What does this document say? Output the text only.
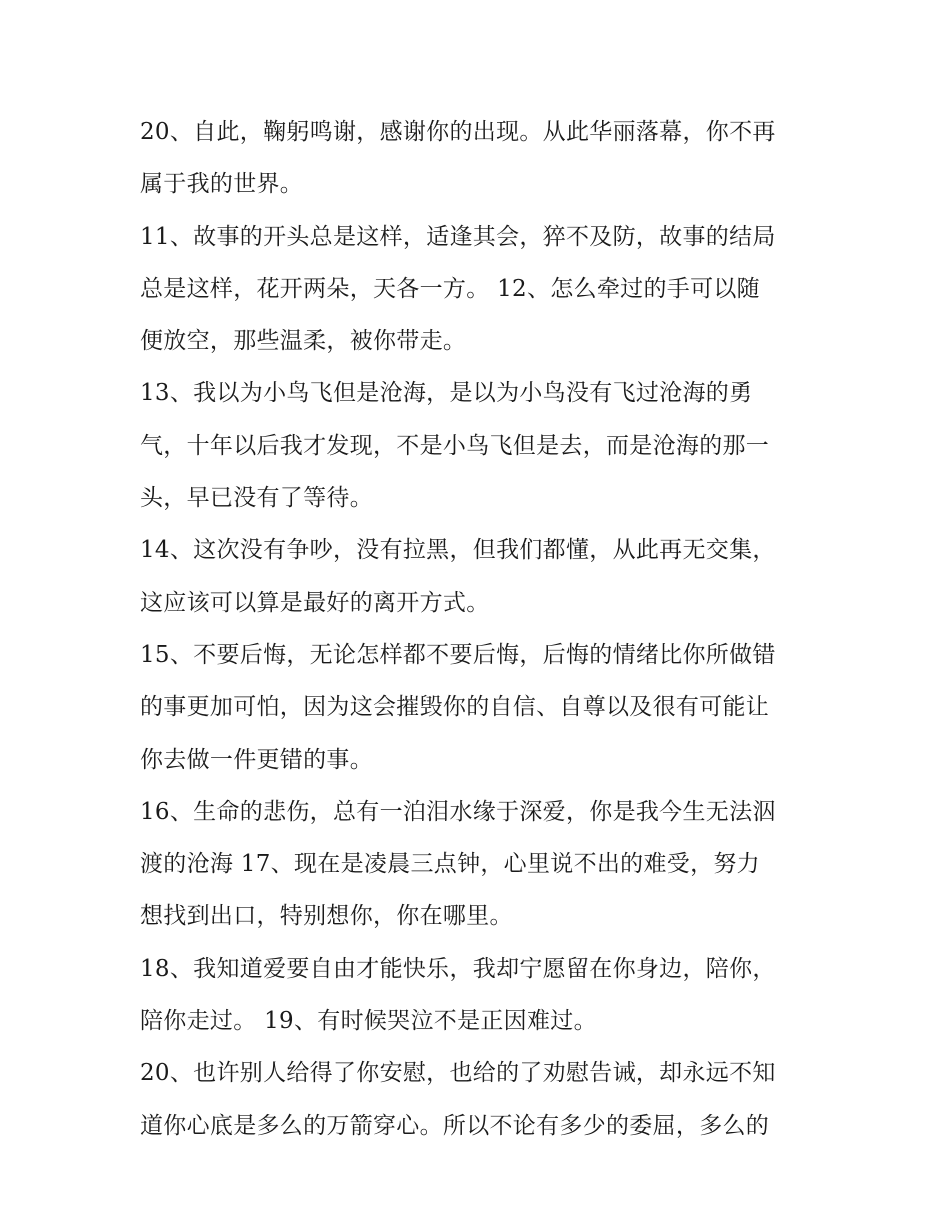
20、自此，鞠躬鸣谢，感谢你的出现。从此华丽落幕，你不再
属于我的世界。
11、故事的开头总是这样，适逢其会，猝不及防，故事的结局
总是这样，花开两朵，天各一方。 12、怎么牵过的手可以随
便放空，那些温柔，被你带走。
13、我以为小鸟飞但是沧海，是以为小鸟没有飞过沧海的勇
气，十年以后我才发现，不是小鸟飞但是去，而是沧海的那一
头，早已没有了等待。
14、这次没有争吵，没有拉黑，但我们都懂，从此再无交集，
这应该可以算是最好的离开方式。
15、不要后悔，无论怎样都不要后悔，后悔的情绪比你所做错
的事更加可怕，因为这会摧毁你的自信、自尊以及很有可能让
你去做一件更错的事。
16、生命的悲伤，总有一泊泪水缘于深爱，你是我今生无法泅
渡的沧海 17、现在是凌晨三点钟，心里说不出的难受，努力
想找到出口，特别想你，你在哪里。
18、我知道爱要自由才能快乐，我却宁愿留在你身边，陪你，
陪你走过。 19、有时候哭泣不是正因难过。
20、也许别人给得了你安慰，也给的了劝慰告诫，却永远不知
道你心底是多么的万箭穿心。所以不论有多少的委屈，多么的
